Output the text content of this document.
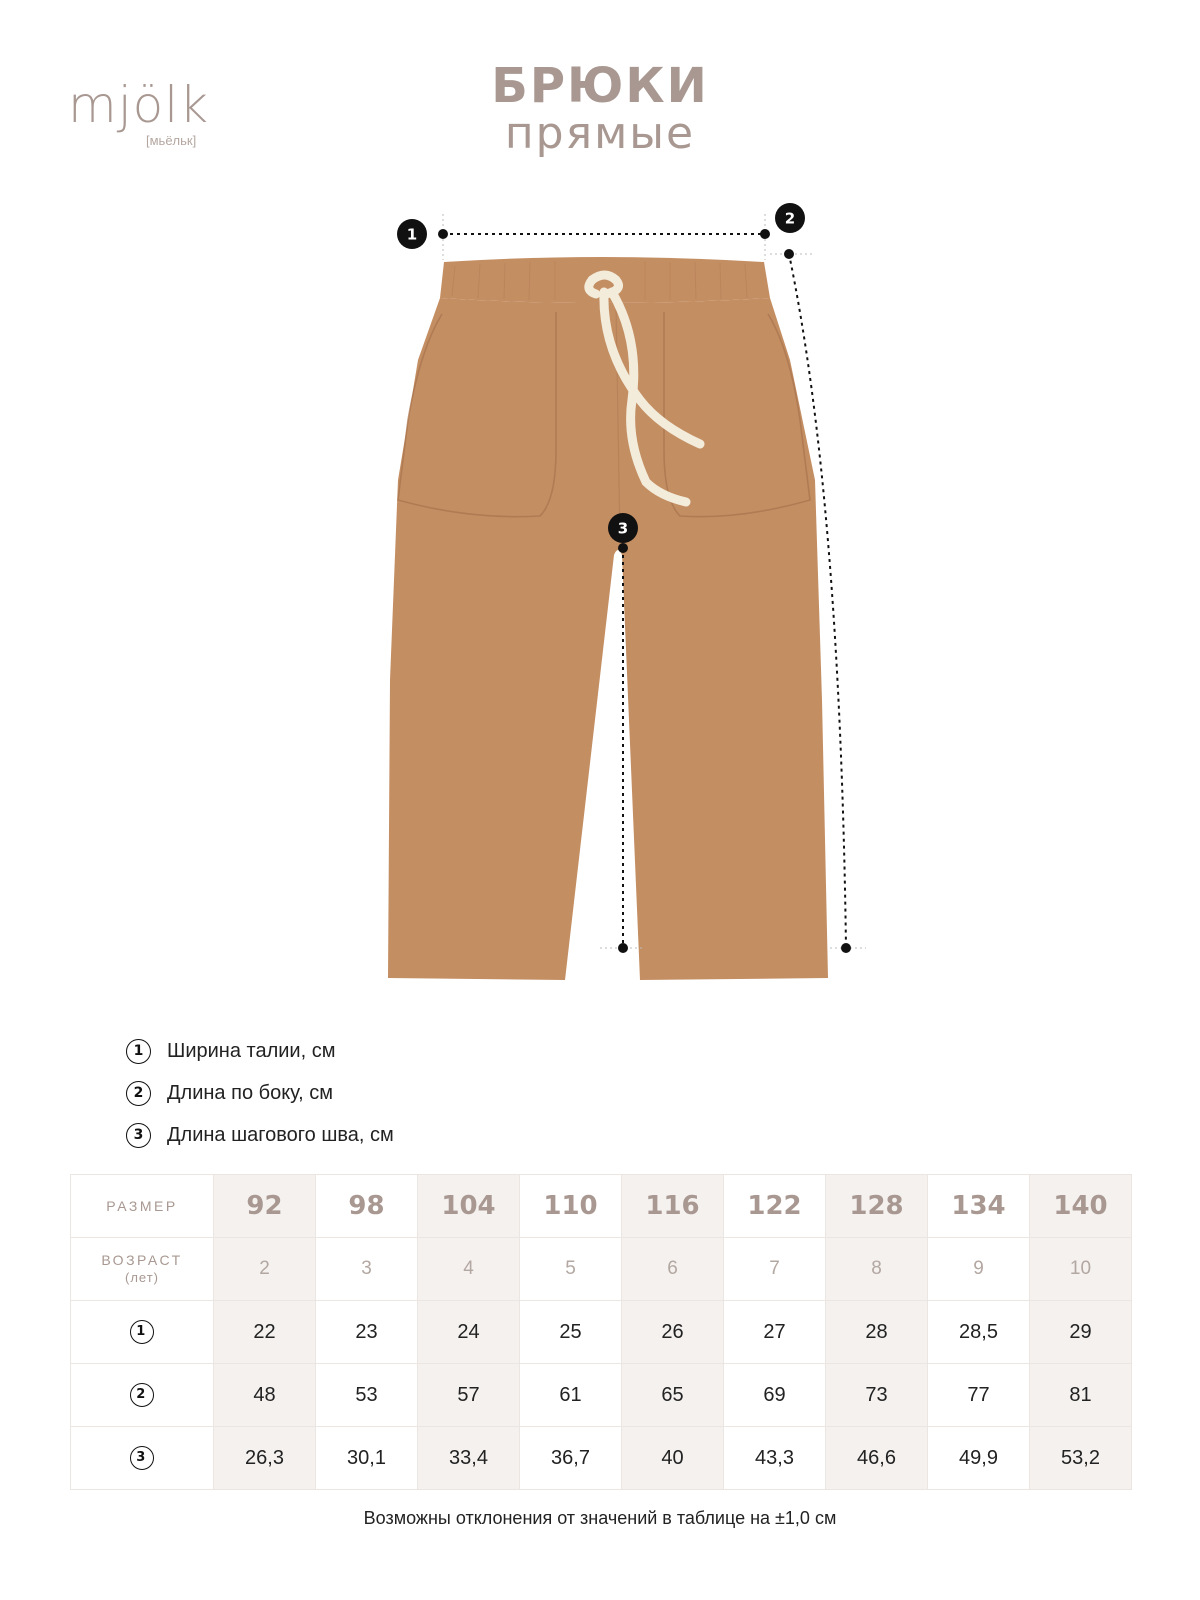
mjölk
[мьёльк]
БРЮКИ
прямые
1
2
3
1	Ширина талии, см
2	Длина по боку, см
3	Длина шагового шва, см
РАЗМЕР	92	98	104	110	116	122	128	134	140
ВОЗРАСТ
(лет)	2	3	4	5	6	7	8	9	10

1	22	23	24	25	26	27	28	28,5	29

2	48	53	57	61	65	69	73	77	81

3	26,3	30,1	33,4	36,7	40	43,3	46,6	49,9	53,2
Возможны отклонения от значений в таблице на ±1,0 см
